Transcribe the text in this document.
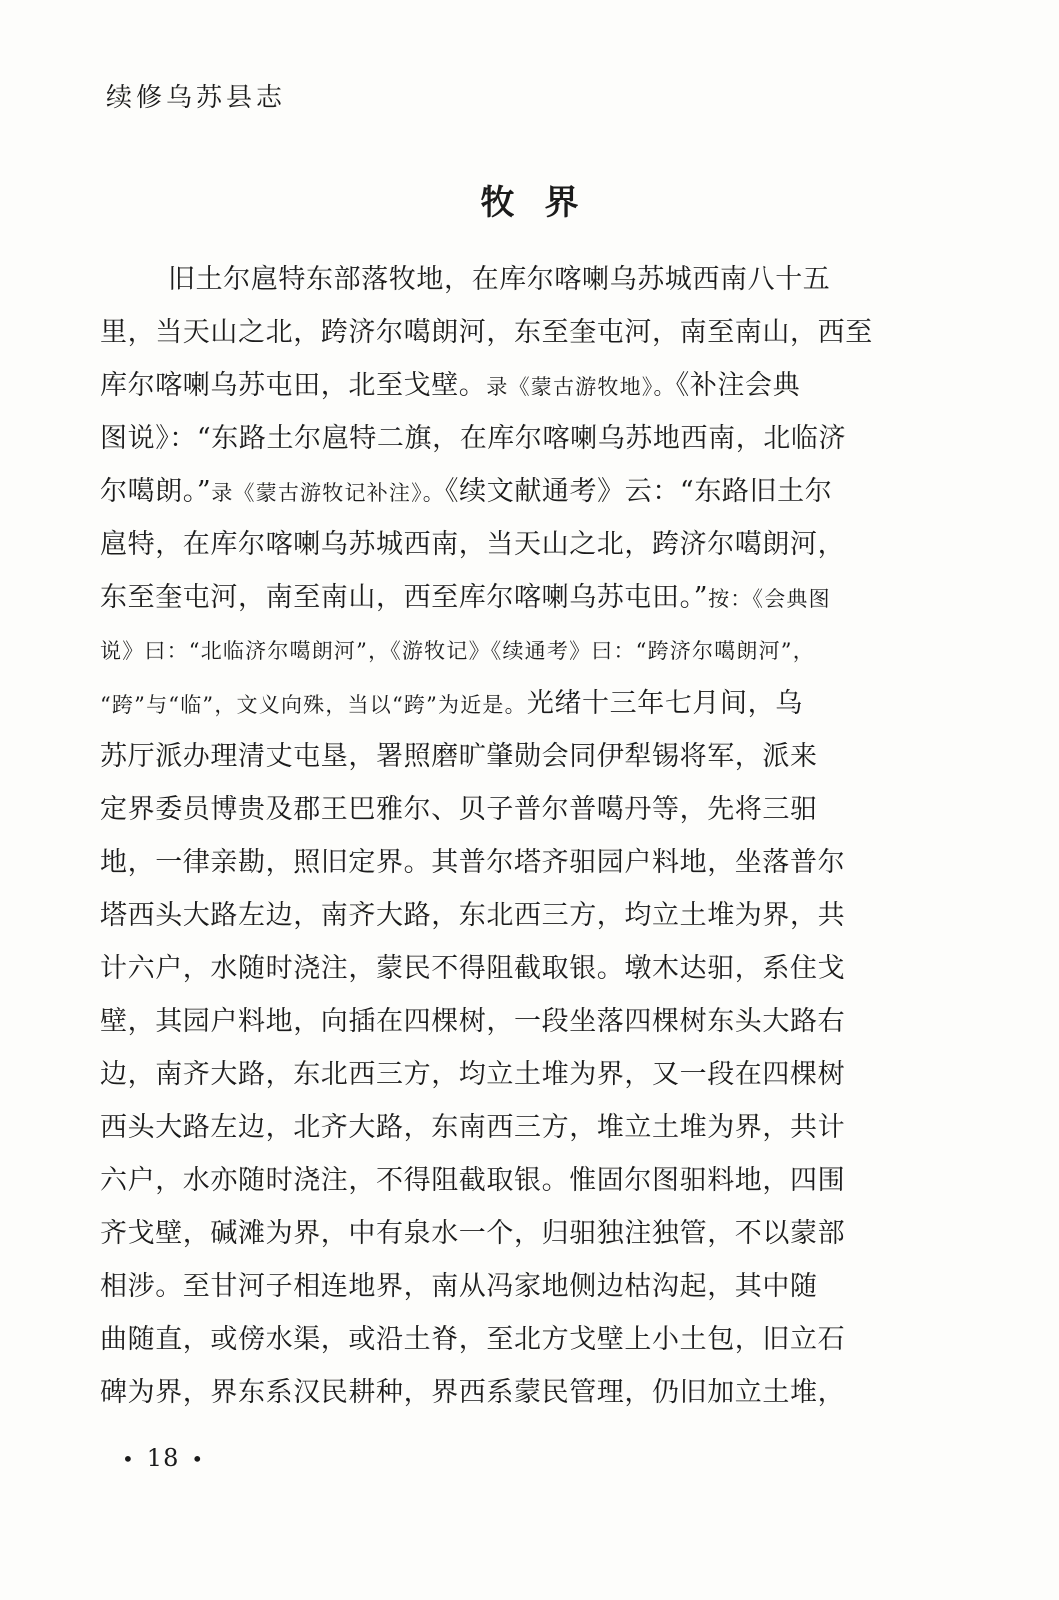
续修乌苏县志
牧 界
旧土尔扈特东部落牧地，在库尔喀喇乌苏城西南八十五
里，当天山之北，跨济尔噶朗河，东至奎屯河，南至南山，西至
库尔喀喇乌苏屯田，北至戈壁。录《蒙古游牧地》。《补注会典
图说》：“东路土尔扈特二旗，在库尔喀喇乌苏地西南，北临济
尔噶朗。”录《蒙古游牧记补注》。《续文献通考》云：“东路旧土尔
扈特，在库尔喀喇乌苏城西南，当天山之北，跨济尔噶朗河，
东至奎屯河，南至南山，西至库尔喀喇乌苏屯田。”按：《会典图
说》曰：“北临济尔噶朗河”，《游牧记》《续通考》曰：“跨济尔噶朗河”，
“跨”与“临”，文义向殊，当以“跨”为近是。光绪十三年七月间，乌
苏厅派办理清丈屯垦，署照磨旷肇勋会同伊犁锡将军，派来
定界委员博贵及郡王巴雅尔、贝子普尔普噶丹等，先将三驲
地，一律亲勘，照旧定界。其普尔塔齐驲园户料地，坐落普尔
塔西头大路左边，南齐大路，东北西三方，均立土堆为界，共
计六户，水随时浇注，蒙民不得阻截取银。墩木达驲，系住戈
壁，其园户料地，向插在四棵树，一段坐落四棵树东头大路右
边，南齐大路，东北西三方，均立土堆为界，又一段在四棵树
西头大路左边，北齐大路，东南西三方，堆立土堆为界，共计
六户，水亦随时浇注，不得阻截取银。惟固尔图驲料地，四围
齐戈壁，碱滩为界，中有泉水一个，归驲独注独管，不以蒙部
相涉。至甘河子相连地界，南从冯家地侧边枯沟起，其中随
曲随直，或傍水渠，或沿土脊，至北方戈壁上小土包，旧立石
碑为界，界东系汉民耕种，界西系蒙民管理，仍旧加立土堆，
• 18 •
